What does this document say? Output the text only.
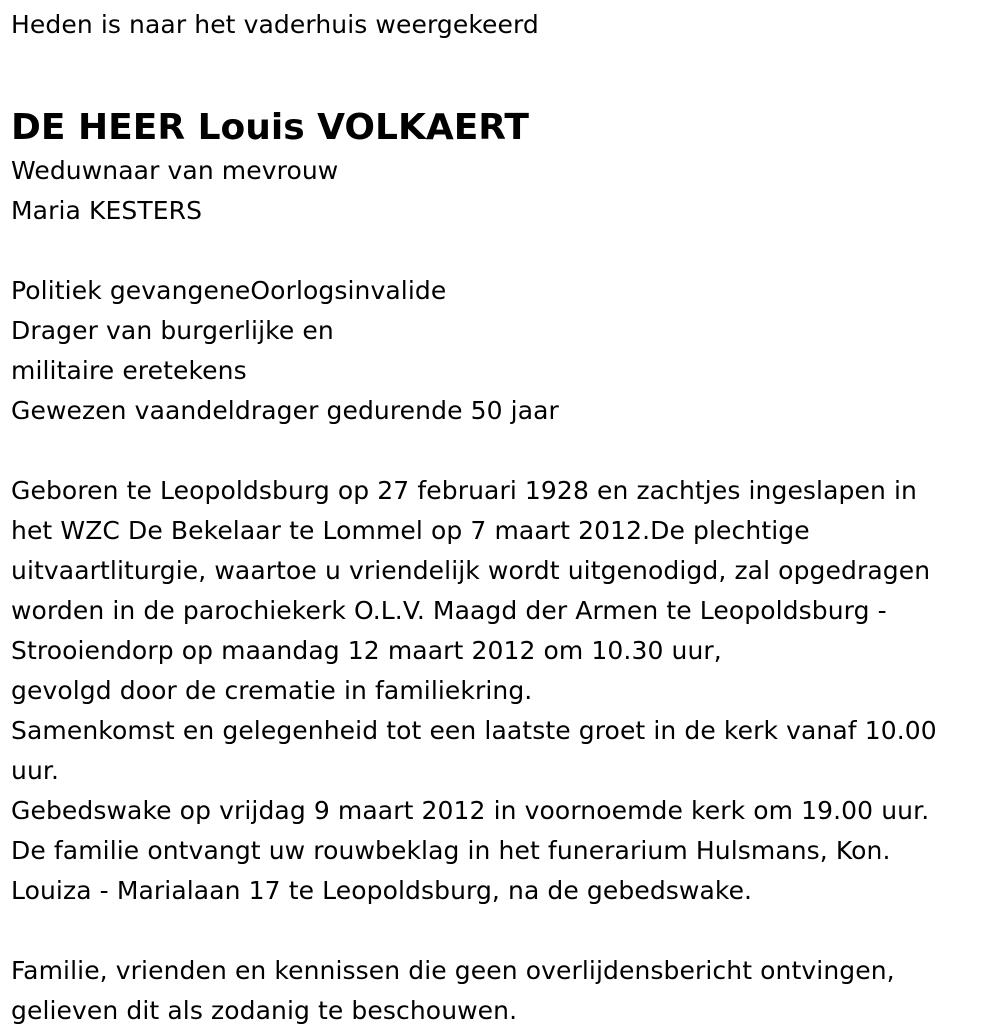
Heden is naar het vaderhuis weergekeerd
DE HEER Louis VOLKAERT
Weduwnaar van mevrouw
Maria KESTERS
Politiek gevangeneOorlogsinvalide
Drager van burgerlijke en
militaire eretekens
Gewezen vaandeldrager gedurende 50 jaar
Geboren te Leopoldsburg op 27 februari 1928 en zachtjes ingeslapen in
het WZC De Bekelaar te Lommel op 7 maart 2012.De plechtige
uitvaartliturgie, waartoe u vriendelijk wordt uitgenodigd, zal opgedragen
worden in de parochiekerk O.L.V. Maagd der Armen te Leopoldsburg -
Strooiendorp op maandag 12 maart 2012 om 10.30 uur,
gevolgd door de crematie in familiekring.
Samenkomst en gelegenheid tot een laatste groet in de kerk vanaf 10.00
uur.
Gebedswake op vrijdag 9 maart 2012 in voornoemde kerk om 19.00 uur.
De familie ontvangt uw rouwbeklag in het funerarium Hulsmans, Kon.
Louiza - Marialaan 17 te Leopoldsburg, na de gebedswake.
Familie, vrienden en kennissen die geen overlijdensbericht ontvingen,
gelieven dit als zodanig te beschouwen.
